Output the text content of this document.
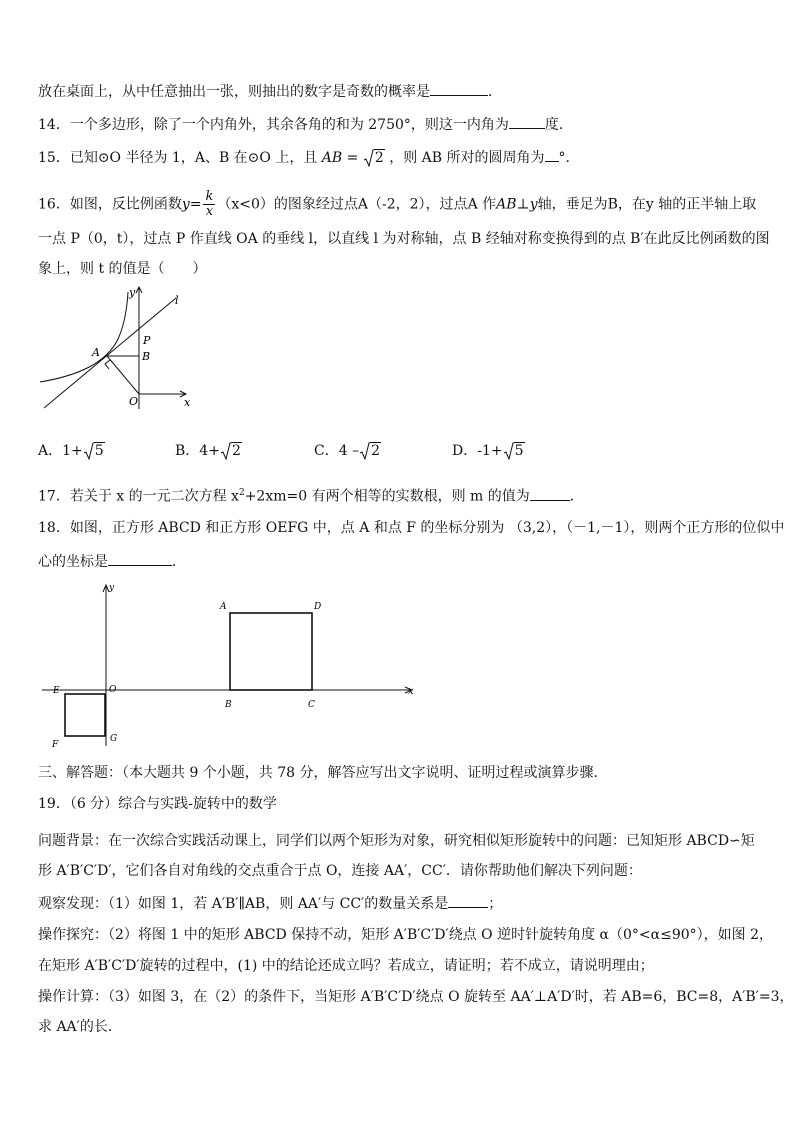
放在桌面上，从中任意抽出一张，则抽出的数字是奇数的概率是	．
14．一个多边形，除了一个内角外，其余各角的和为 2750°，则这一内角为	度．
15．已知⊙O 半径为 1，A、B 在⊙O 上，且 AB = 2 ，则 AB 所对的圆周角为 °.
16．如图，反比例函数$y= \frac{k}{x} (x<0)$的图象经过点A（-2，2），过点A 作AB⊥y轴，垂足为B，在y 轴的正半轴上取
一点 P（0，t），过点 P 作直线 OA 的垂线 l，以直线 l 为对称轴，点 B 经轴对称变换得到的点 B′在此反比例函数的图
象上，则 t 的值是（　　）
y
l
P
A	B
O	x
A．1+ 5	B．4+ 2	C．4 – 2	D．-1+ 5
17．若关于 x 的一元二次方程 $x^2+2xm=0$ 有两个相等的实数根，则 m 的值为	．
18．如图，正方形 ABCD 和正方形 OEFG 中，点 A 和点 F 的坐标分别为 （3,2），（－1,－1），则两个正方形的位似中
心的坐标是	．
y
x
A	D
E	O
B	C
F
G
三、解答题：（本大题共 9 个小题，共 78 分，解答应写出文字说明、证明过程或演算步骤．
19．（6 分）综合与实践-旋转中的数学
问题背景：在一次综合实践活动课上，同学们以两个矩形为对象，研究相似矩形旋转中的问题：已知矩形 ABCD∽矩
形 A′B′C′D′，它们各自对角线的交点重合于点 O，连接 AA′，CC′．请你帮助他们解决下列问题：
观察发现：（1）如图 1，若 A′B′∥AB，则 AA′与 CC′的数量关系是	；
操作探究：（2）将图 1 中的矩形 ABCD 保持不动，矩形 A′B′C′D′绕点 O 逆时针旋转角度 α（0°<α≤90°），如图 2，
在矩形 A′B′C′D′旋转的过程中，(1) 中的结论还成立吗？若成立，请证明；若不成立，请说明理由；
操作计算：（3）如图 3，在（2）的条件下，当矩形 A′B′C′D′绕点 O 旋转至 AA′⊥A′D′时，若 AB=6，BC=8，A′B′=3，
求 AA′的长．
